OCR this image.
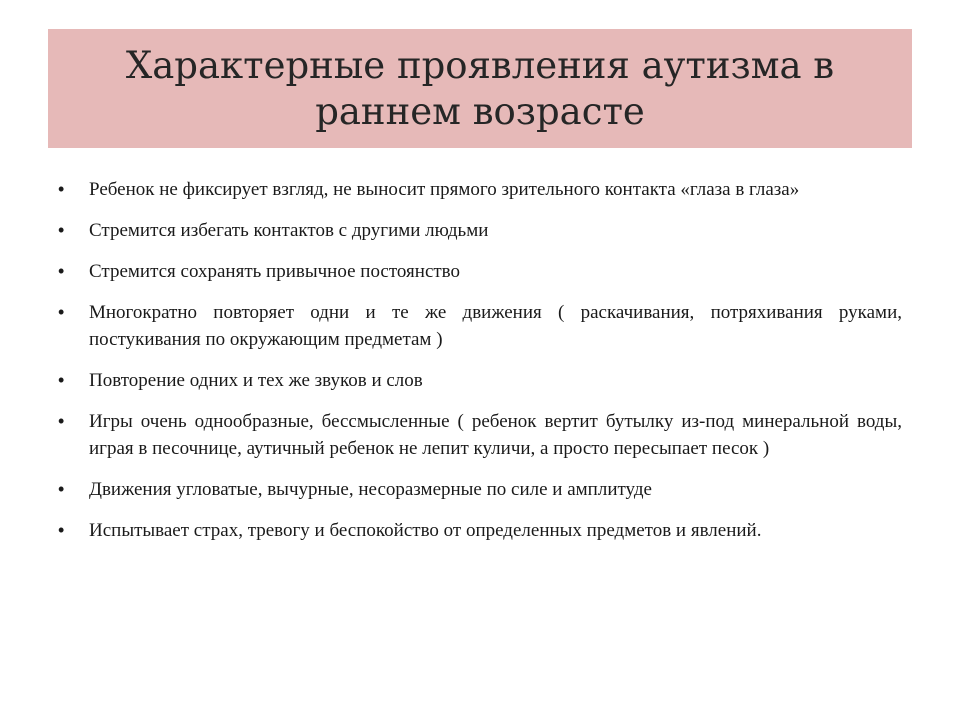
Характерные проявления аутизма в раннем возрасте
• Ребенок не фиксирует взгляд, не выносит прямого зрительного контакта «глаза в глаза»
• Стремится избегать контактов с другими людьми
• Стремится сохранять привычное постоянство
• Многократно повторяет одни и те же движения ( раскачивания, потряхивания руками, постукивания по окружающим предметам )
• Повторение одних и тех же звуков и слов
• Игры очень однообразные, бессмысленные ( ребенок вертит бутылку из-под минеральной воды, играя в песочнице, аутичный ребенок не лепит куличи, а просто пересыпает песок )
• Движения угловатые, вычурные, несоразмерные по силе и амплитуде
• Испытывает страх, тревогу и беспокойство от определенных предметов и явлений.
